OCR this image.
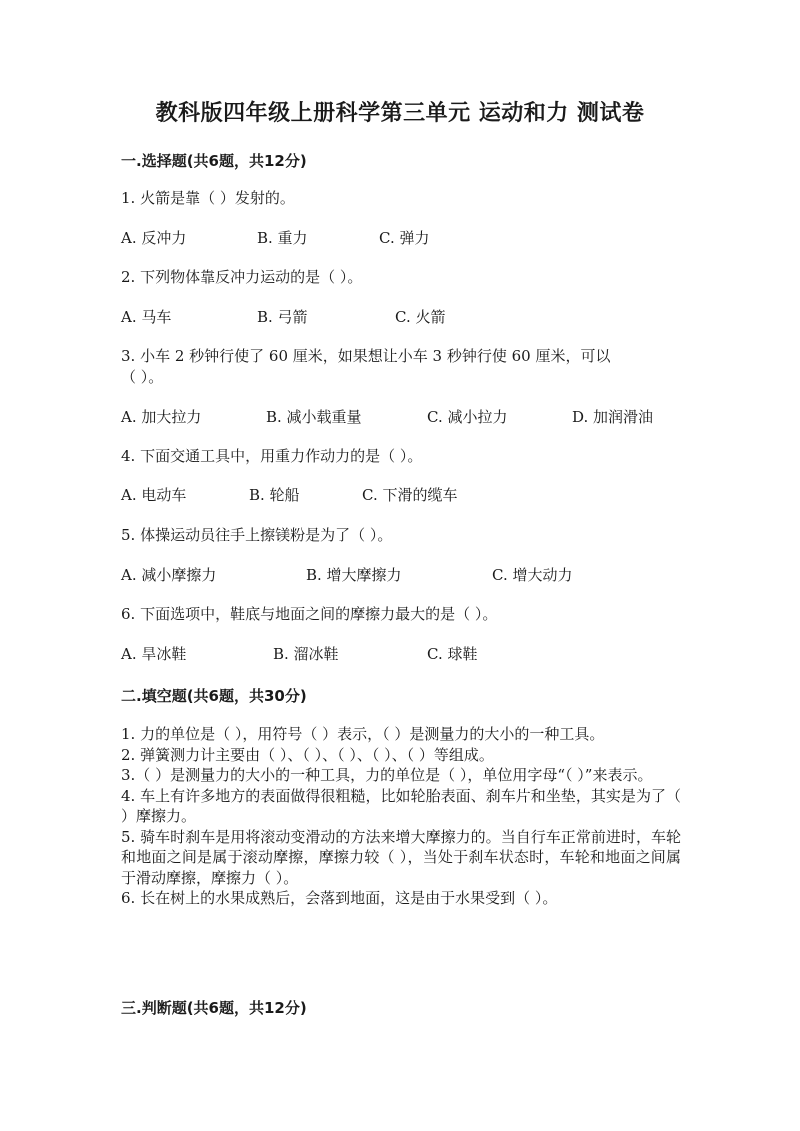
教科版四年级上册科学第三单元 运动和力 测试卷
一.选择题(共6题，共12分)
1. 火箭是靠（ ）发射的。
A. 反冲力	B. 重力	C. 弹力
2. 下列物体靠反冲力运动的是（ ）。
A. 马车	B. 弓箭	C. 火箭
3. 小车 2 秒钟行使了 60 厘米，如果想让小车 3 秒钟行使 60 厘米，可以
（ ）。
A. 加大拉力	B. 减小载重量	C. 减小拉力	D. 加润滑油
4. 下面交通工具中，用重力作动力的是（ ）。
A. 电动车	B. 轮船	C. 下滑的缆车
5. 体操运动员往手上擦镁粉是为了（ ）。
A. 减小摩擦力	B. 增大摩擦力	C. 增大动力
6. 下面选项中，鞋底与地面之间的摩擦力最大的是（ ）。
A. 旱冰鞋	B. 溜冰鞋	C. 球鞋
二.填空题(共6题，共30分)

1. 力的单位是（ ），用符号（ ）表示，（ ）是测量力的大小的一种工具。

2. 弹簧测力计主要由（ ）、（ ）、（ ）、（ ）、（ ）等组成。

3.（ ）是测量力的大小的一种工具，力的单位是（ ），单位用字母“（ ）”来表示。

4. 车上有许多地方的表面做得很粗糙，比如轮胎表面、刹车片和坐垫，其实是为了（ ）摩擦力。

5. 骑车时刹车是用将滚动变滑动的方法来增大摩擦力的。当自行车正常前进时，车轮和地面之间是属于滚动摩擦，摩擦力较（ ），当处于刹车状态时，车轮和地面之间属于滑动摩擦，摩擦力（ ）。

6. 长在树上的水果成熟后，会落到地面，这是由于水果受到（ ）。

三.判断题(共6题，共12分)
